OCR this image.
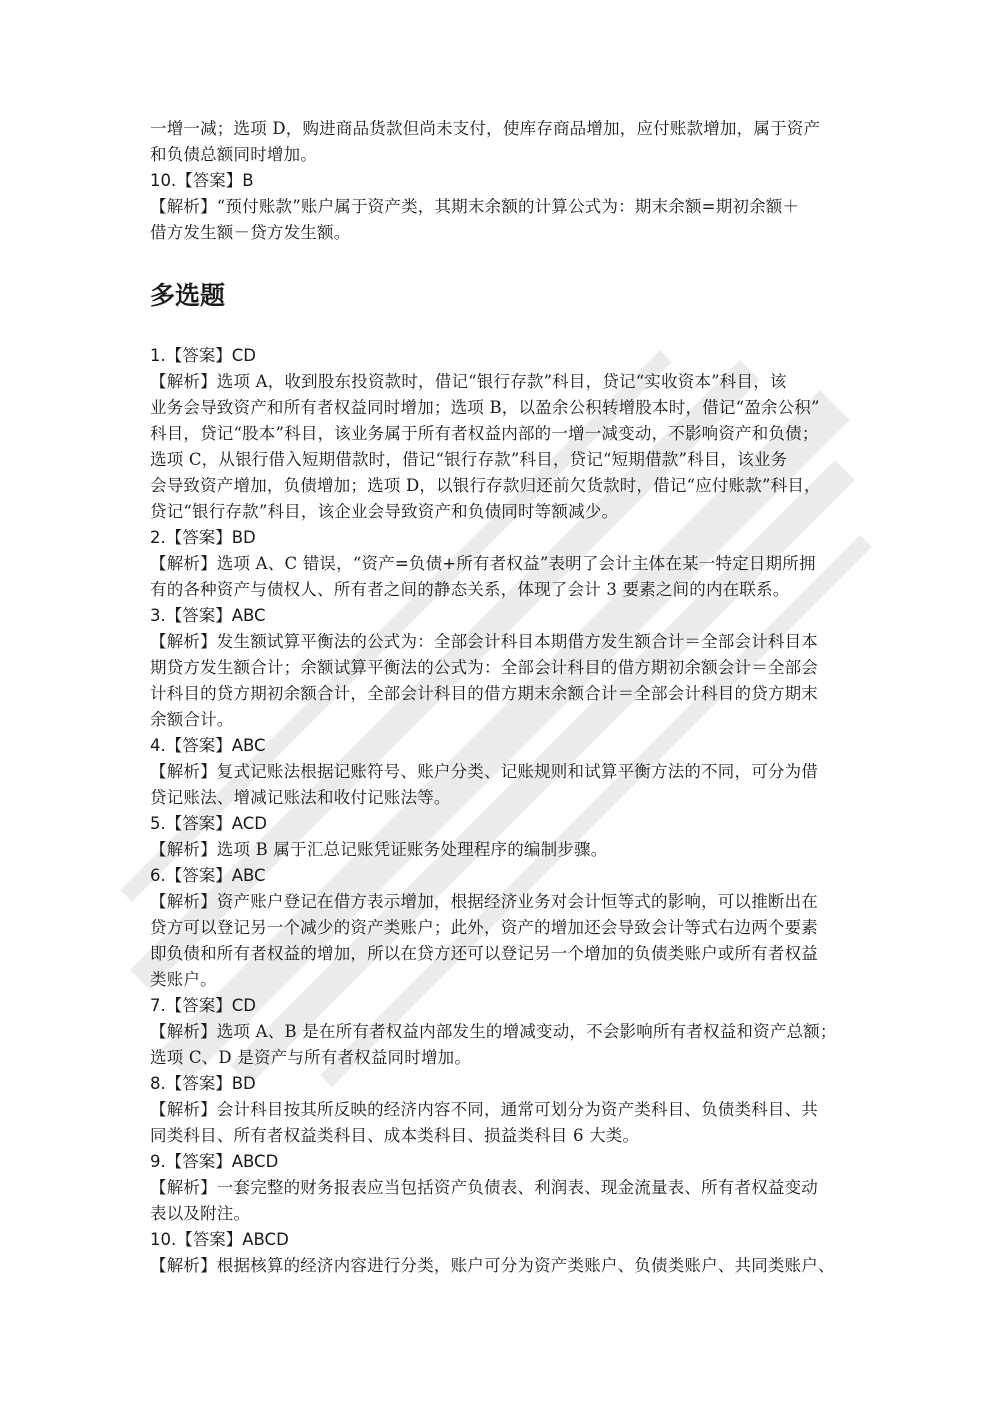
一增一减；选项 D，购进商品货款但尚未支付，使库存商品增加，应付账款增加，属于资产
和负债总额同时增加。
10.【答案】B
【解析】“预付账款”账户属于资产类，其期末余额的计算公式为：期末余额=期初余额＋
借方发生额－贷方发生额。
多选题
1.【答案】CD
【解析】选项 A，收到股东投资款时，借记“银行存款”科目，贷记“实收资本”科目，该
业务会导致资产和所有者权益同时增加；选项 B，以盈余公积转增股本时，借记“盈余公积”
科目，贷记“股本”科目，该业务属于所有者权益内部的一增一减变动，不影响资产和负债；
选项 C，从银行借入短期借款时，借记“银行存款”科目，贷记“短期借款”科目，该业务
会导致资产增加，负债增加；选项 D，以银行存款归还前欠货款时，借记“应付账款”科目，
贷记“银行存款”科目，该企业会导致资产和负债同时等额减少。
2.【答案】BD
【解析】选项 A、C 错误，“资产=负债+所有者权益”表明了会计主体在某一特定日期所拥
有的各种资产与债权人、所有者之间的静态关系，体现了会计 3 要素之间的内在联系。
3.【答案】ABC
【解析】发生额试算平衡法的公式为：全部会计科目本期借方发生额合计＝全部会计科目本
期贷方发生额合计；余额试算平衡法的公式为：全部会计科目的借方期初余额会计＝全部会
计科目的贷方期初余额合计，全部会计科目的借方期末余额合计＝全部会计科目的贷方期末
余额合计。
4.【答案】ABC
【解析】复式记账法根据记账符号、账户分类、记账规则和试算平衡方法的不同，可分为借
贷记账法、增减记账法和收付记账法等。
5.【答案】ACD
【解析】选项 B 属于汇总记账凭证账务处理程序的编制步骤。
6.【答案】ABC
【解析】资产账户登记在借方表示增加，根据经济业务对会计恒等式的影响，可以推断出在
贷方可以登记另一个减少的资产类账户；此外，资产的增加还会导致会计等式右边两个要素
即负债和所有者权益的增加，所以在贷方还可以登记另一个增加的负债类账户或所有者权益
类账户。
7.【答案】CD
【解析】选项 A、B 是在所有者权益内部发生的增减变动，不会影响所有者权益和资产总额；
选项 C、D 是资产与所有者权益同时增加。
8.【答案】BD
【解析】会计科目按其所反映的经济内容不同，通常可划分为资产类科目、负债类科目、共
同类科目、所有者权益类科目、成本类科目、损益类科目 6 大类。
9.【答案】ABCD
【解析】一套完整的财务报表应当包括资产负债表、利润表、现金流量表、所有者权益变动
表以及附注。
10.【答案】ABCD
【解析】根据核算的经济内容进行分类，账户可分为资产类账户、负债类账户、共同类账户、
